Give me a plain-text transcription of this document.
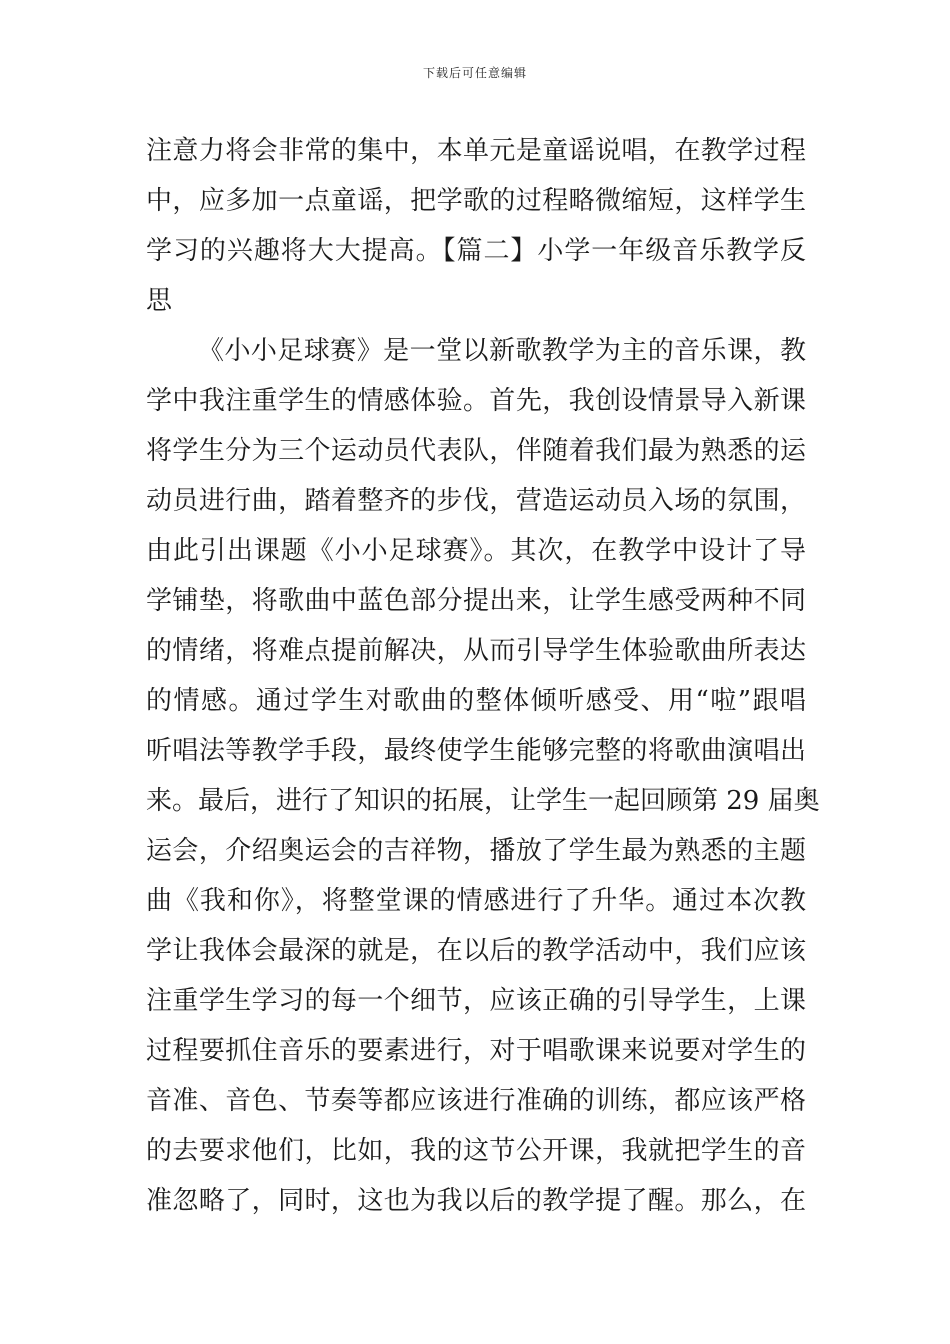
下载后可任意编辑
注意力将会非常的集中，本单元是童谣说唱，在教学过程
中，应多加一点童谣，把学歌的过程略微缩短，这样学生
学习的兴趣将大大提高。【篇二】小学一年级音乐教学反
思
《小小足球赛》是一堂以新歌教学为主的音乐课，教
学中我注重学生的情感体验。首先，我创设情景导入新课
将学生分为三个运动员代表队，伴随着我们最为熟悉的运
动员进行曲，踏着整齐的步伐，营造运动员入场的氛围，
由此引出课题《小小足球赛》。其次，在教学中设计了导
学铺垫，将歌曲中蓝色部分提出来，让学生感受两种不同
的情绪，将难点提前解决，从而引导学生体验歌曲所表达
的情感。通过学生对歌曲的整体倾听感受、用“啦”跟唱
听唱法等教学手段，最终使学生能够完整的将歌曲演唱出
来。最后，进行了知识的拓展，让学生一起回顾第 29 届奥
运会，介绍奥运会的吉祥物，播放了学生最为熟悉的主题
曲《我和你》，将整堂课的情感进行了升华。通过本次教
学让我体会最深的就是，在以后的教学活动中，我们应该
注重学生学习的每一个细节，应该正确的引导学生，上课
过程要抓住音乐的要素进行，对于唱歌课来说要对学生的
音准、音色、节奏等都应该进行准确的训练，都应该严格
的去要求他们，比如，我的这节公开课，我就把学生的音
准忽略了，同时，这也为我以后的教学提了醒。那么，在
